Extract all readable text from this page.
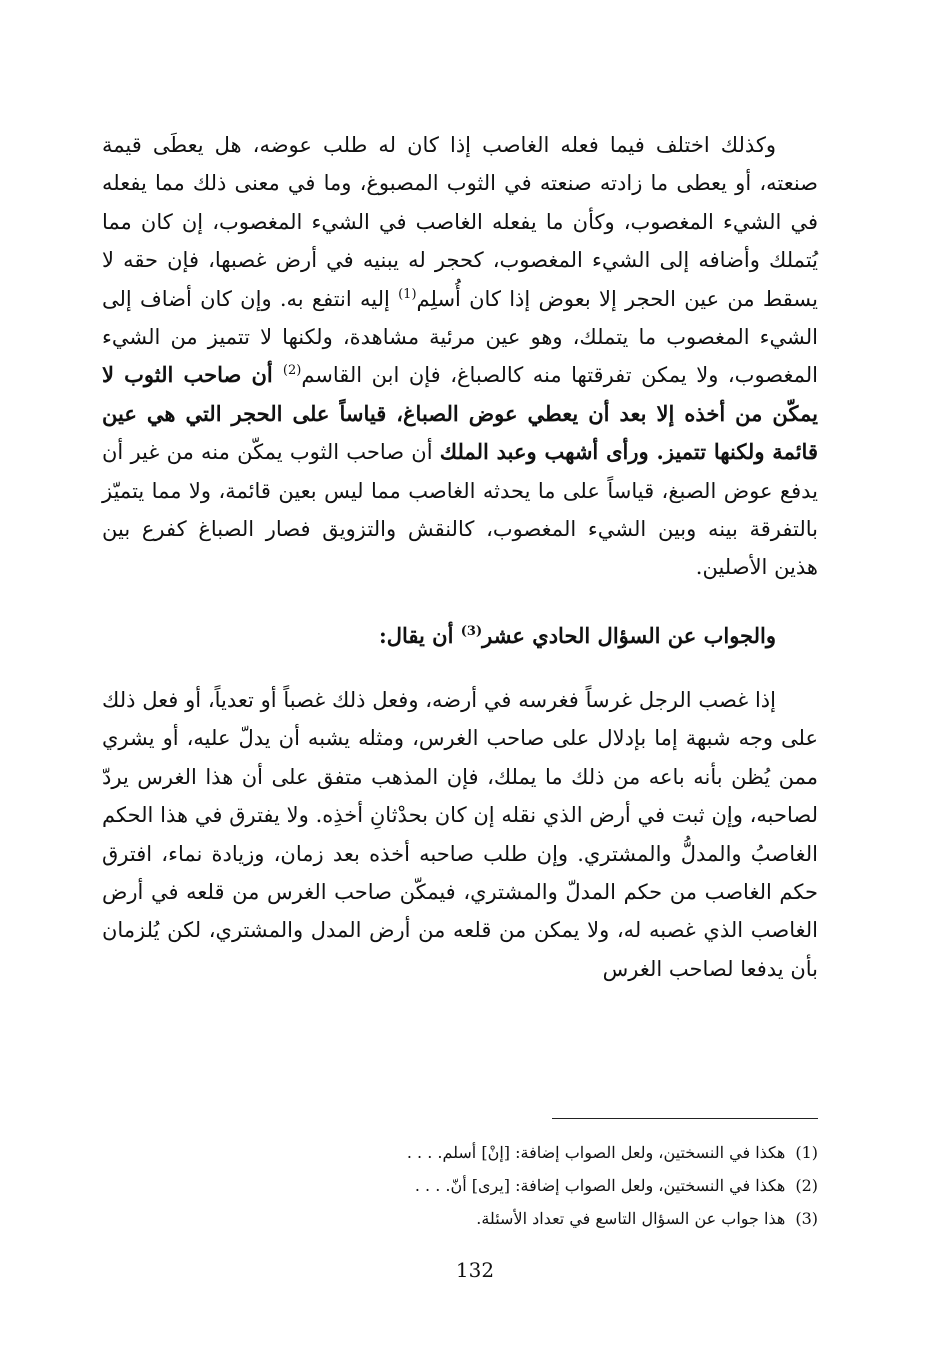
وكذلك اختلف فيما فعله الغاصب إذا كان له طلب عوضه، هل يعطَى قيمة صنعته، أو يعطى ما زادته صنعته في الثوب المصبوغ، وما في معنى ذلك مما يفعله في الشيء المغصوب، وكأن ما يفعله الغاصب في الشيء المغصوب، إن كان مما يُتملك وأضافه إلى الشيء المغصوب، كحجر له يبنيه في أرض غصبها، فإن حقه لا يسقط من عين الحجر إلا بعوض إذا كان أُسلِم$^{(1)}$ إليه انتفع به. وإن كان أضاف إلى الشيء المغصوب ما يتملك، وهو عين مرئية مشاهدة، ولكنها لا تتميز من الشيء المغصوب، ولا يمكن تفرقتها منه كالصباغ، فإن ابن القاسم$^{(2)}$ أن صاحب الثوب لا يمكّن من أخذه إلا بعد أن يعطي عوض الصباغ، قياساً على الحجر التي هي عين قائمة ولكنها تتميز. ورأى أشهب وعبد الملك أن صاحب الثوب يمكّن منه من غير أن يدفع عوض الصبغ، قياساً على ما يحدثه الغاصب مما ليس بعين قائمة، ولا مما يتميّز بالتفرقة بينه وبين الشيء المغصوب، كالنقش والتزويق فصار الصباغ كفرع بين هذين الأصلين.

والجواب عن السؤال الحادي عشر$^{(3)}$ أن يقال:

إذا غصب الرجل غرساً فغرسه في أرضه، وفعل ذلك غصباً أو تعدياً، أو فعل ذلك على وجه شبهة إما بإدلال على صاحب الغرس، ومثله يشبه أن يدلّ عليه، أو يشري ممن يُظن بأنه باعه من ذلك ما يملك، فإن المذهب متفق على أن هذا الغرس يردّ لصاحبه، وإن ثبت في أرض الذي نقله إن كان بحدْثانِ أخذِه. ولا يفترق في هذا الحكم الغاصبُ والمدلُّ والمشتري. وإن طلب صاحبه أخذه بعد زمان، وزيادة نماء، افترق حكم الغاصب من حكم المدلّ والمشتري، فيمكّن صاحب الغرس من قلعه في أرض الغاصب الذي غصبه له، ولا يمكن من قلعه من أرض المدل والمشتري، لكن يُلزمان بأن يدفعا لصاحب الغرس

(1)هكذا في النسختين، ولعل الصواب إضافة: [إنْ] أسلم. . . .
(2)هكذا في النسختين، ولعل الصواب إضافة: [يرى] أنّ. . . .
(3)هذا جواب عن السؤال التاسع في تعداد الأسئلة.
132
